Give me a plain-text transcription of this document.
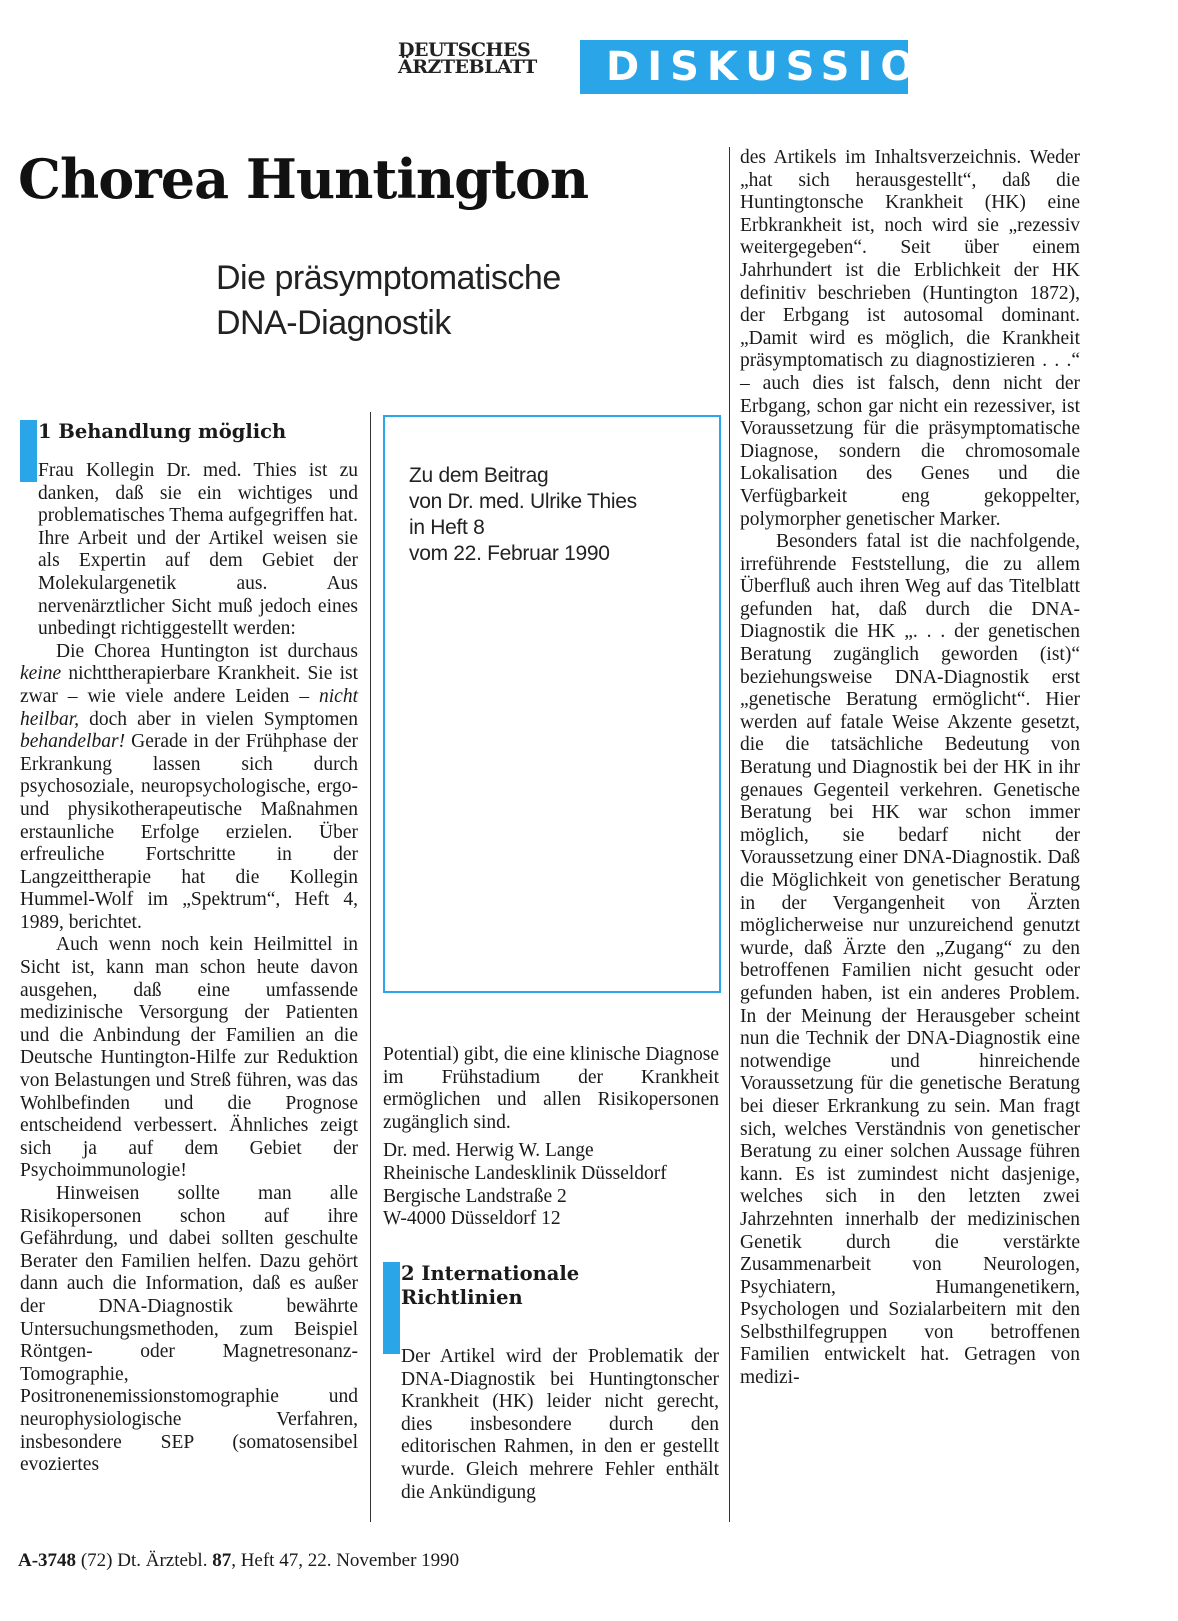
DEUTSCHES
ÄRZTEBLATT	DISKUSSION
Chorea Huntington
Die präsymptomatische
DNA-Diagnostik
1 Behandlung möglich

Frau Kollegin Dr. med. Thies ist zu danken, daß sie ein wichtiges und problematisches Thema aufgegriffen hat. Ihre Arbeit und der Artikel weisen sie als Expertin auf dem Gebiet der Molekulargenetik aus. Aus nervenärztlicher Sicht muß jedoch eines unbedingt richtiggestellt werden:

Die Chorea Huntington ist durchaus keine nichttherapierbare Krankheit. Sie ist zwar – wie viele andere Leiden – nicht heilbar, doch aber in vielen Symptomen behandelbar! Gerade in der Frühphase der Erkrankung lassen sich durch psychosoziale, neuropsychologische, ergo- und physikotherapeutische Maßnahmen erstaunliche Erfolge erzielen. Über erfreuliche Fortschritte in der Langzeittherapie hat die Kollegin Hummel-Wolf im „Spektrum“, Heft 4, 1989, berichtet.

Auch wenn noch kein Heilmittel in Sicht ist, kann man schon heute davon ausgehen, daß eine umfassende medizinische Versorgung der Patienten und die Anbindung der Familien an die Deutsche Huntington-Hilfe zur Reduktion von Belastungen und Streß führen, was das Wohlbefinden und die Prognose entscheidend verbessert. Ähnliches zeigt sich ja auf dem Gebiet der Psychoimmunologie!

Hinweisen sollte man alle Risikopersonen schon auf ihre Gefährdung, und dabei sollten geschulte Berater den Familien helfen. Dazu gehört dann auch die Information, daß es außer der DNA-Diagnostik bewährte Untersuchungsmethoden, zum Beispiel Röntgen- oder Magnetresonanz-Tomographie, Positronenemissionstomographie und neurophysiologische Verfahren, insbesondere SEP (somatosensibel evoziertes

Zu dem Beitrag
von Dr. med. Ulrike Thies
in Heft 8
vom 22. Februar 1990

Potential) gibt, die eine klinische Diagnose im Frühstadium der Krankheit ermöglichen und allen Risikopersonen zugänglich sind.

Dr. med. Herwig W. Lange
Rheinische Landesklinik Düsseldorf
Bergische Landstraße 2
W-4000 Düsseldorf 12
2 Internationale
Richtlinien

Der Artikel wird der Problematik der DNA-Diagnostik bei Huntingtonscher Krankheit (HK) leider nicht gerecht, dies insbesondere durch den editorischen Rahmen, in den er gestellt wurde. Gleich mehrere Fehler enthält die Ankündigung

des Artikels im Inhaltsverzeichnis. Weder „hat sich herausgestellt“, daß die Huntingtonsche Krankheit (HK) eine Erbkrankheit ist, noch wird sie „rezessiv weitergegeben“. Seit über einem Jahrhundert ist die Erblichkeit der HK definitiv beschrieben (Huntington 1872), der Erbgang ist autosomal dominant. „Damit wird es möglich, die Krankheit präsymptomatisch zu diagnostizieren . . .“ – auch dies ist falsch, denn nicht der Erbgang, schon gar nicht ein rezessiver, ist Voraussetzung für die präsymptomatische Diagnose, sondern die chromosomale Lokalisation des Genes und die Verfügbarkeit eng gekoppelter, polymorpher genetischer Marker.

Besonders fatal ist die nachfolgende, irreführende Feststellung, die zu allem Überfluß auch ihren Weg auf das Titelblatt gefunden hat, daß durch die DNA-Diagnostik die HK „. . . der genetischen Beratung zugänglich geworden (ist)“ beziehungsweise DNA-Diagnostik erst „genetische Beratung ermöglicht“. Hier werden auf fatale Weise Akzente gesetzt, die die tatsächliche Bedeutung von Beratung und Diagnostik bei der HK in ihr genaues Gegenteil verkehren. Genetische Beratung bei HK war schon immer möglich, sie bedarf nicht der Voraussetzung einer DNA-Diagnostik. Daß die Möglichkeit von genetischer Beratung in der Vergangenheit von Ärzten möglicherweise nur unzureichend genutzt wurde, daß Ärzte den „Zugang“ zu den betroffenen Familien nicht gesucht oder gefunden haben, ist ein anderes Problem. In der Meinung der Herausgeber scheint nun die Technik der DNA-Diagnostik eine notwendige und hinreichende Voraussetzung für die genetische Beratung bei dieser Erkrankung zu sein. Man fragt sich, welches Verständnis von genetischer Beratung zu einer solchen Aussage führen kann. Es ist zumindest nicht dasjenige, welches sich in den letzten zwei Jahrzehnten innerhalb der medizinischen Genetik durch die verstärkte Zusammenarbeit von Neurologen, Psychiatern, Humangenetikern, Psychologen und Sozialarbeitern mit den Selbsthilfegruppen von betroffenen Familien entwickelt hat. Getragen von medizi-

A-3748 (72) Dt. Ärztebl. 87, Heft 47, 22. November 1990
